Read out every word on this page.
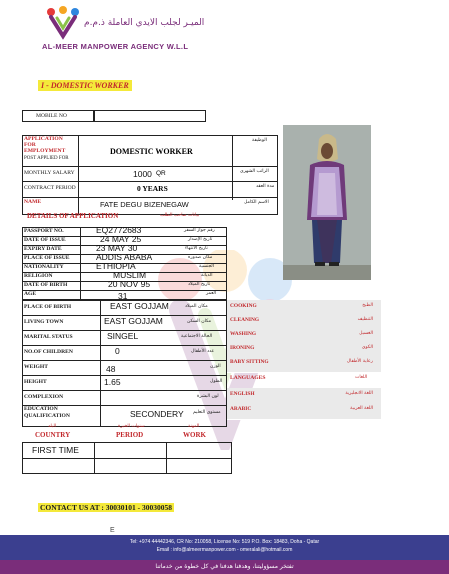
الميـر لجلب الايدي العاملة ذ.م.م
AL-MEER MANPOWER AGENCY W.L.L
I - DOMESTIC WORKER
MOBILE NO
APPLICATION
FOR
EMPLOYMENT
POST APPLIED FOR
DOMESTIC WORKER
الوظيفة
MONTHLY SALARY	1000 QR	الراتب الشهري
CONTRACT PERIOD	0 YEARS	مدة العقد
NAME	FATE DEGU BIZENEGAW	الاسم الكامل
DETAILS OF APPLICATION	بيانات صاحب الطلب
PASSPORT NO.	EQ2772683	رقم جواز السفر
DATE OF ISSUE	24 MAY 25	تاريخ الإصدار
EXPIRY DATE	23 MAY 30	تاريخ الانتهاء
PLACE OF ISSUE	ADDIS ABABA	مكان صدوره
NATIONALITY	ETHIOPIA	الجنسية
RELIGION	MUSLIM	الديانة
DATE OF BIRTH	20 NOV 95	تاريخ الميلاد
AGE	31	العمر
PLACE OF BIRTH	EAST GOJJAM	مكان الميلاد
LIVING TOWN	EAST GOJJAM	مكان السكن
MARITAL STATUS	SINGEL	الحالة الاجتماعية
NO.OF CHILDREN	0	عدد الأطفال
WEIGHT	48	الوزن
HEIGHT	1.65	الطول
COMPLEXION	لون البشرة
EDUCATION
QUALIFICATION	SECONDERY مستوى التعليم
البلد	سنوات الخبرة	المهنة
COUNTRY	PERIOD	WORK
FIRST TIME
COOKING	الطبخ
CLEANING	التنظيف
WASHING	الغسيل
IRONING	الكوي
BABY SITTING	رعاية الأطفال
LANGUAGES	اللغات
ENGLISH	اللغة الانجليزية
ARABIC	اللغة العربية
CONTACT US AT : 30030101 - 30030058
E
Tel: +974 44442346, CR No: 210058, License No: 519 P.O. Box: 18483, Doha - Qatar
Email : info@almeermanpower.com - omeralali@hotmail.com
تفتخر مسؤوليتنا، وهدفنا هدفنا في كل خطوة من خدماتنا
